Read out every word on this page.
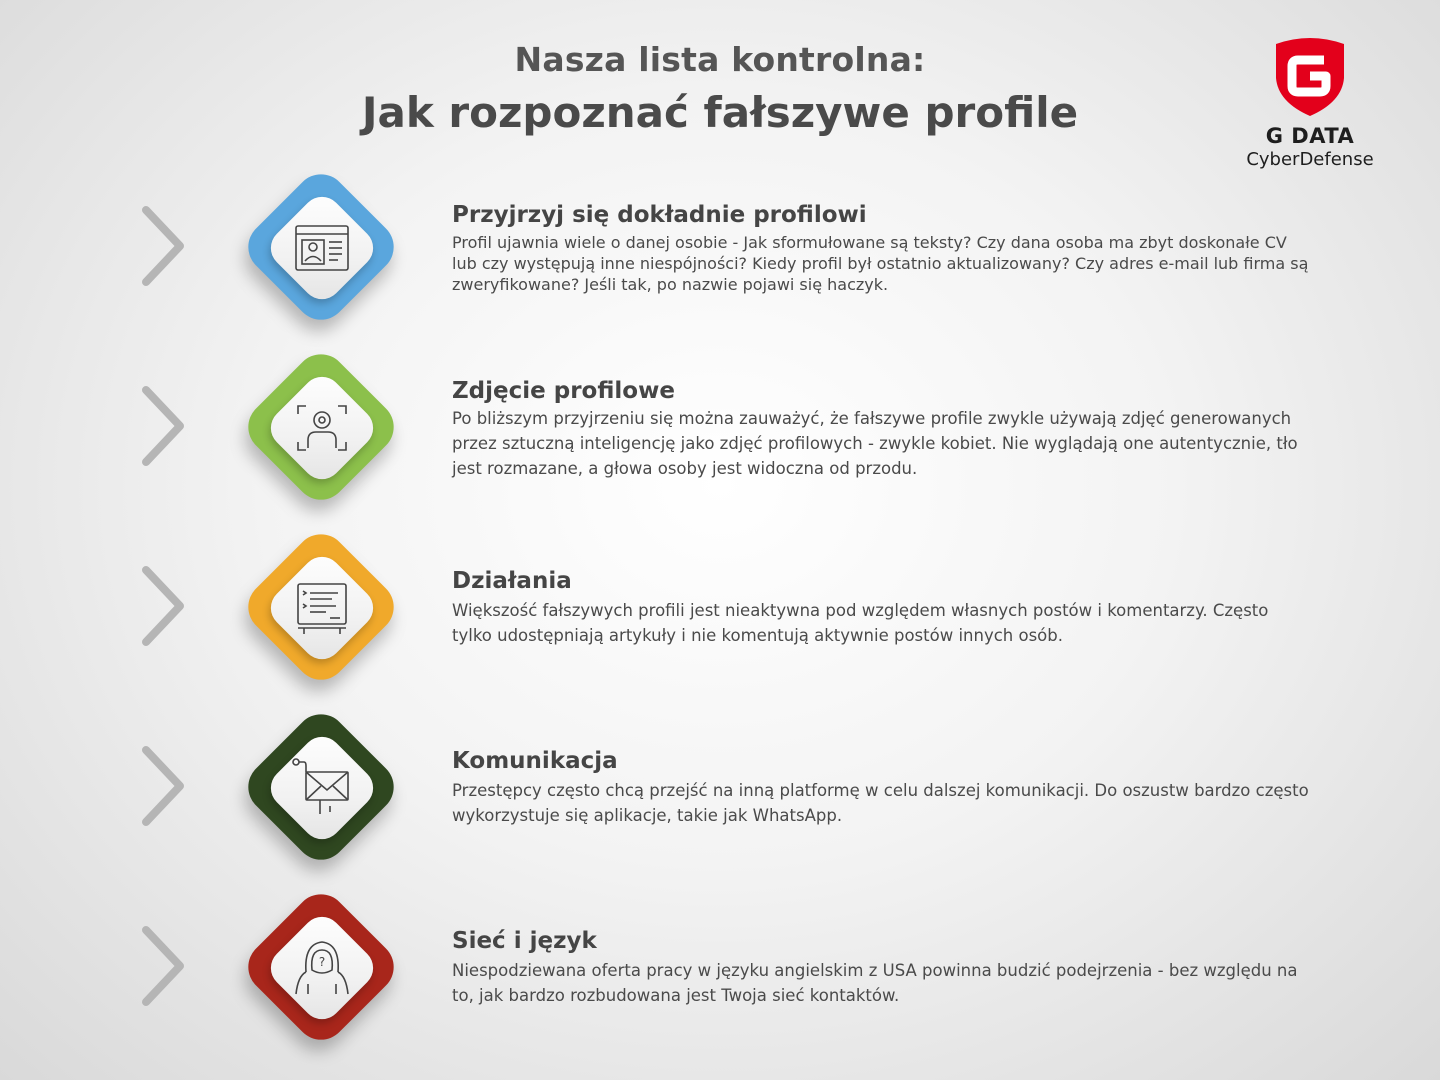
Nasza lista kontrolna:
Jak rozpoznać fałszywe profile	G DATA
CyberDefense
Przyjrzyj się dokładnie profilowi
Profil ujawnia wiele o danej osobie - Jak sformułowane są teksty? Czy dana osoba ma zbyt doskonałe CV lub czy występują inne niespójności? Kiedy profil był ostatnio aktualizowany? Czy adres e-mail lub firma są zweryfikowane? Jeśli tak, po nazwie pojawi się haczyk.
Zdjęcie profilowe
Po bliższym przyjrzeniu się można zauważyć, że fałszywe profile zwykle używają zdjęć generowanych przez sztuczną inteligencję jako zdjęć profilowych - zwykle kobiet. Nie wyglądają one autentycznie, tło jest rozmazane, a głowa osoby jest widoczna od przodu.
Działania
Większość fałszywych profili jest nieaktywna pod względem własnych postów i komentarzy. Często tylko udostępniają artykuły i nie komentują aktywnie postów innych osób.
Komunikacja
Przestępcy często chcą przejść na inną platformę w celu dalszej komunikacji. Do oszustw bardzo często wykorzystuje się aplikacje, takie jak WhatsApp.
?
Sieć i język
Niespodziewana oferta pracy w języku angielskim z USA powinna budzić podejrzenia - bez względu na to, jak bardzo rozbudowana jest Twoja sieć kontaktów.
